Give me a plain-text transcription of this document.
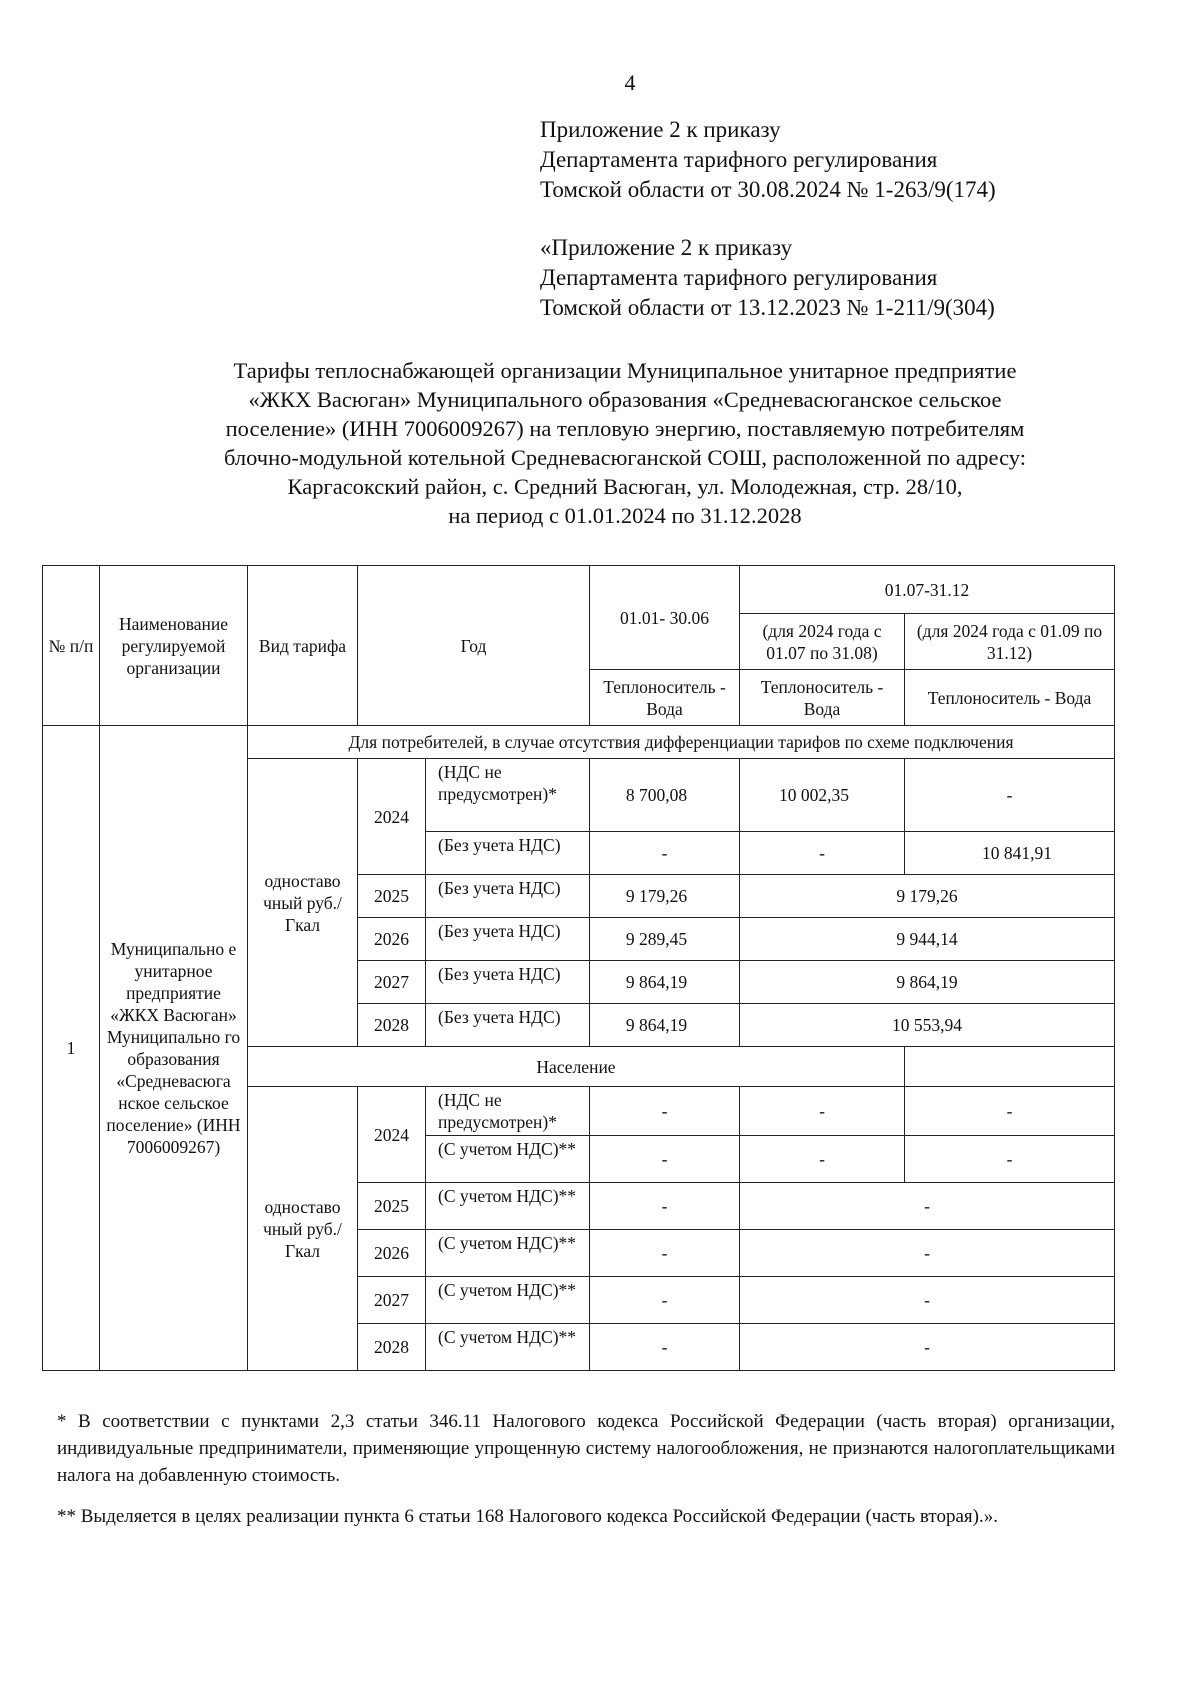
4
Приложение 2 к приказу
Департамента тарифного регулирования
Томской области от 30.08.2024 № 1-263/9(174)
«Приложение 2 к приказу
Департамента тарифного регулирования
Томской области от 13.12.2023 № 1-211/9(304)
Тарифы теплоснабжающей организации Муниципальное унитарное предприятие
«ЖКХ Васюган» Муниципального образования «Средневасюганское сельское
поселение» (ИНН 7006009267) на тепловую энергию, поставляемую потребителям
блочно-модульной котельной Средневасюганской СОШ, расположенной по адресу:
Каргасокский район, с. Средний Васюган, ул. Молодежная, стр. 28/10,
на период с 01.01.2024 по 31.12.2028
№ п/п	Наименование регулируемой организации	Вид тарифа	Год		01.01- 30.06	01.07-31.12	
						(для 2024 года с 01.07 по 31.08)	(для 2024 года с 01.09 по 31.12)
					Теплоноситель - Вода	Теплоноситель - Вода	Теплоноситель - Вода
1	Муниципально е унитарное предприятие «ЖКХ Васюган» Муниципально го образования «Средневасюга нское сельское поселение» (ИНН 7006009267)	Для потребителей, в случае отсутствия дифференциации тарифов по схеме подключения					
		одноставо чный руб./Гкал	2024	(НДС не предусмотрен)*	8 700,08	10 002,35	-
				(Без учета НДС)	-	-	10 841,91
			2025	(Без учета НДС)	9 179,26	9 179,26	
			2026	(Без учета НДС)	9 289,45	9 944,14	
			2027	(Без учета НДС)	9 864,19	9 864,19	
			2028	(Без учета НДС)	9 864,19	10 553,94	
		Население					
		одноставо чный руб./Гкал	2024	(НДС не предусмотрен)*	-	-	-
				(С учетом НДС)**	-	-	-
			2025	(С учетом НДС)**	-	-	
			2026	(С учетом НДС)**	-	-	
			2027	(С учетом НДС)**	-	-	
			2028	(С учетом НДС)**	-	-	

* В соответствии с пунктами 2,3 статьи 346.11 Налогового кодекса Российской Федерации (часть вторая) организации, индивидуальные предприниматели, применяющие упрощенную систему налогообложения, не признаются налогоплательщиками налога на добавленную стоимость.

** Выделяется в целях реализации пункта 6 статьи 168 Налогового кодекса Российской Федерации (часть вторая).».
